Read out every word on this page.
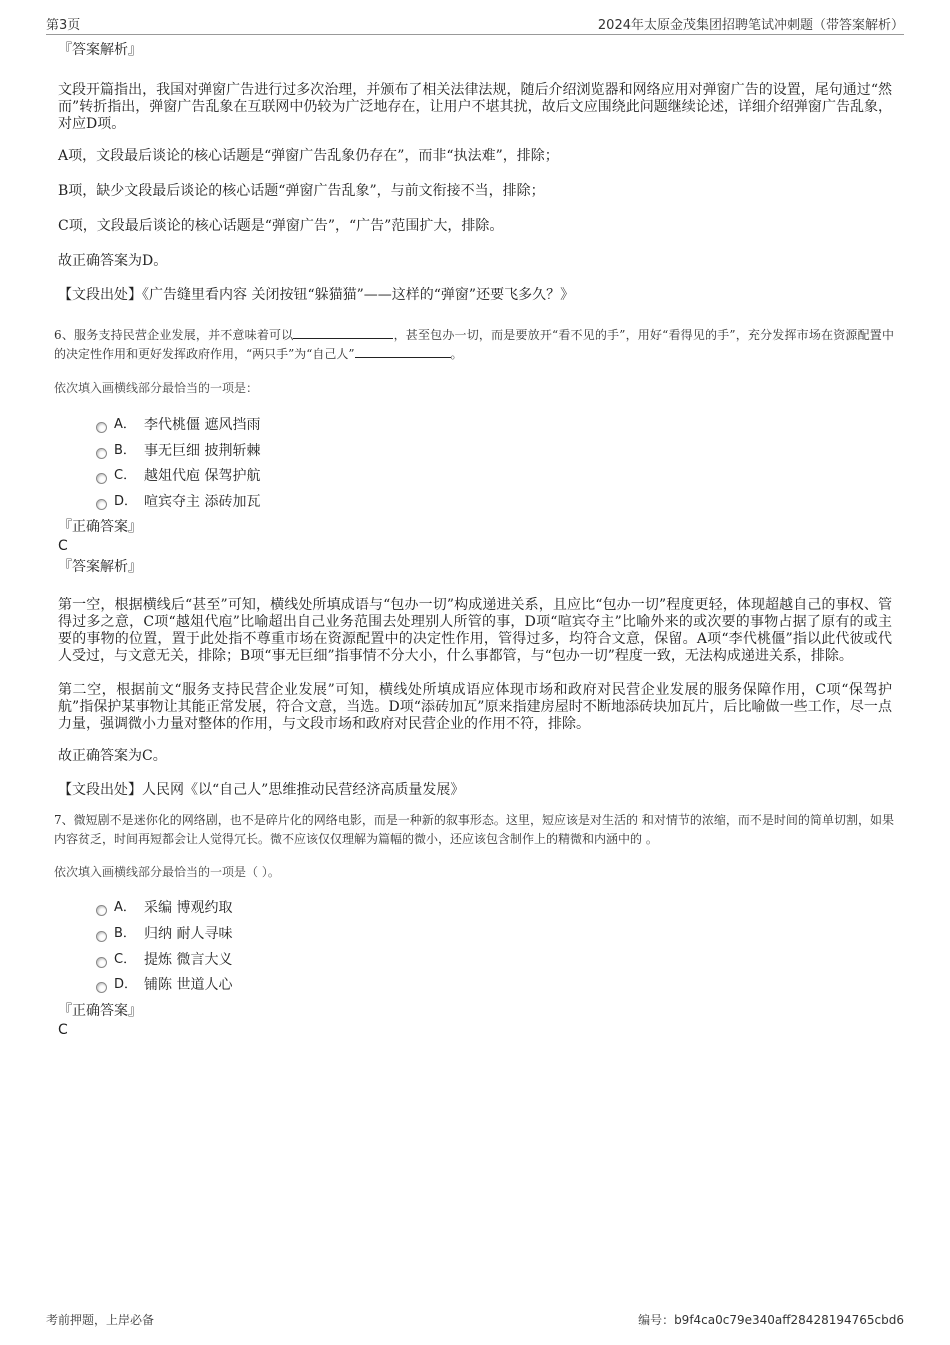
第3页	2024年太原金茂集团招聘笔试冲刺题（带答案解析）
『答案解析』

文段开篇指出，我国对弹窗广告进行过多次治理，并颁布了相关法律法规，随后介绍浏览器和网络应用对弹窗广告的设置，尾句通过“然而”转折指出，弹窗广告乱象在互联网中仍较为广泛地存在，让用户不堪其扰，故后文应围绕此问题继续论述，详细介绍弹窗广告乱象，对应D项。

A项，文段最后谈论的核心话题是“弹窗广告乱象仍存在”，而非“执法难”，排除；

B项，缺少文段最后谈论的核心话题“弹窗广告乱象”，与前文衔接不当，排除；

C项，文段最后谈论的核心话题是“弹窗广告”，“广告”范围扩大，排除。

故正确答案为D。

【文段出处】《广告缝里看内容 关闭按钮“躲猫猫”——这样的“弹窗”还要飞多久？》

6、服务支持民营企业发展，并不意味着可以	，甚至包办一切，而是要放开“看不见的手”，用好“看得见的手”，充分发挥市场在资源配置中的决定性作用和更好发挥政府作用，“两只手”为“自己人”	。

依次填入画横线部分最恰当的一项是：
A． 李代桃僵 遮风挡雨
B． 事无巨细 披荆斩棘
C． 越俎代庖 保驾护航
D． 喧宾夺主 添砖加瓦
『正确答案』
C
『答案解析』

第一空，根据横线后“甚至”可知，横线处所填成语与“包办一切”构成递进关系，且应比“包办一切”程度更轻，体现超越自己的事权、管得过多之意，C项“越俎代庖”比喻超出自己业务范围去处理别人所管的事，D项“喧宾夺主”比喻外来的或次要的事物占据了原有的或主要的事物的位置，置于此处指不尊重市场在资源配置中的决定性作用，管得过多，均符合文意，保留。A项“李代桃僵”指以此代彼或代人受过，与文意无关，排除；B项“事无巨细”指事情不分大小，什么事都管，与“包办一切”程度一致，无法构成递进关系，排除。

第二空，根据前文“服务支持民营企业发展”可知，横线处所填成语应体现市场和政府对民营企业发展的服务保障作用，C项“保驾护航”指保护某事物让其能正常发展，符合文意，当选。D项“添砖加瓦”原来指建房屋时不断地添砖块加瓦片，后比喻做一些工作，尽一点力量，强调微小力量对整体的作用，与文段市场和政府对民营企业的作用不符，排除。

故正确答案为C。

【文段出处】人民网《以“自己人”思维推动民营经济高质量发展》

7、微短剧不是迷你化的网络剧，也不是碎片化的网络电影，而是一种新的叙事形态。这里，短应该是对生活的 和对情节的浓缩，而不是时间的简单切割，如果内容贫乏，时间再短都会让人觉得冗长。微不应该仅仅理解为篇幅的微小，还应该包含制作上的精微和内涵中的 。

依次填入画横线部分最恰当的一项是（ ）。
A． 采编 博观约取
B． 归纳 耐人寻味
C． 提炼 微言大义
D． 铺陈 世道人心
『正确答案』
C
考前押题，上岸必备	编号：b9f4ca0c79e340aff28428194765cbd6
